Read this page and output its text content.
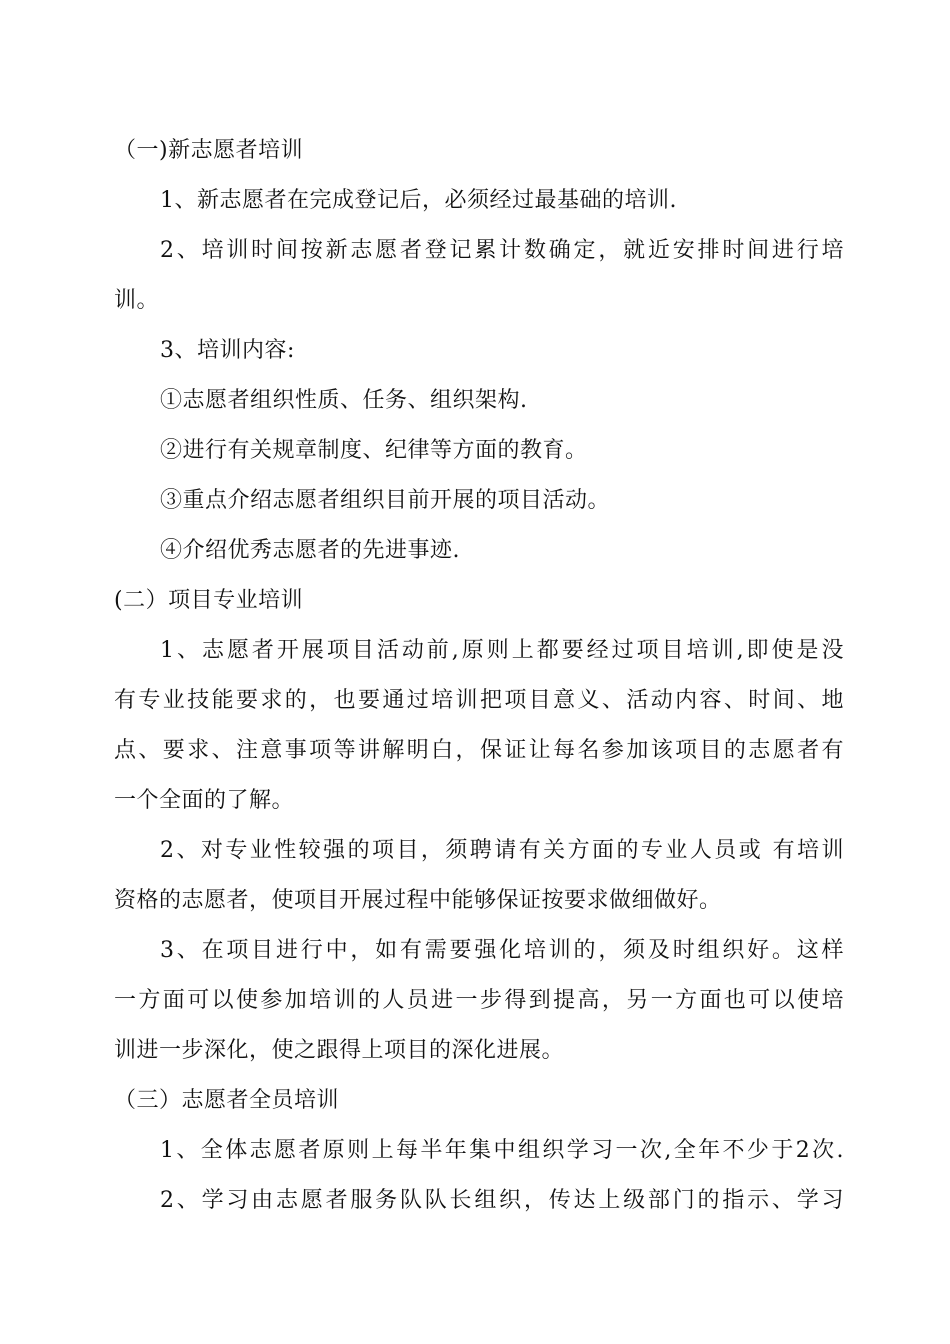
（一)新志愿者培训
1、新志愿者在完成登记后，必须经过最基础的培训.
2、培训时间按新志愿者登记累计数确定，就近安排时间进行培
训。
3、培训内容:
①志愿者组织性质、任务、组织架构.
②进行有关规章制度、纪律等方面的教育。
③重点介绍志愿者组织目前开展的项目活动。
④介绍优秀志愿者的先进事迹.
(二）项目专业培训
1、志愿者开展项目活动前,原则上都要经过项目培训,即使是没
有专业技能要求的，也要通过培训把项目意义、活动内容、时间、地
点、要求、注意事项等讲解明白，保证让每名参加该项目的志愿者有
一个全面的了解。
2、对专业性较强的项目，须聘请有关方面的专业人员或 有培训
资格的志愿者，使项目开展过程中能够保证按要求做细做好。
3、在项目进行中，如有需要强化培训的，须及时组织好。这样
一方面可以使参加培训的人员进一步得到提高，另一方面也可以使培
训进一步深化，使之跟得上项目的深化进展。
（三）志愿者全员培训
1、全体志愿者原则上每半年集中组织学习一次,全年不少于2次.
2、学习由志愿者服务队队长组织，传达上级部门的指示、学习
